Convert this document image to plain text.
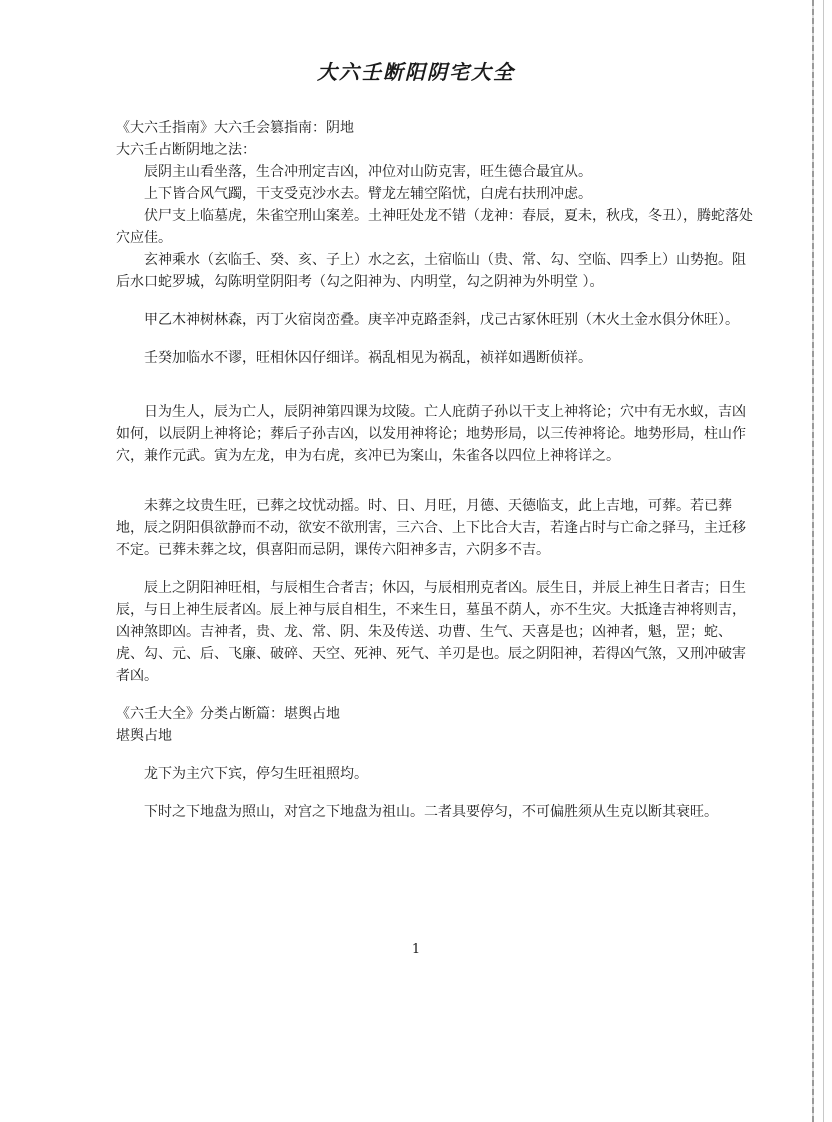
大六壬断阳阴宅大全

《大六壬指南》大六壬会篡指南：阴地

大六壬占断阴地之法：

辰阴主山看坐落，生合冲刑定吉凶，冲位对山防克害，旺生德合最宜从。

上下皆合风气躅，干支受克沙水去。臂龙左辅空陷忧，白虎右扶刑冲虑。

伏尸支上临墓虎，朱雀空刑山案差。土神旺处龙不错（龙神：春辰，夏未，秋戌，冬丑），腾蛇落处穴应佳。

玄神乘水（玄临壬、癸、亥、子上）水之玄，土宿临山（贵、常、勾、空临、四季上）山势抱。阻后水口蛇罗城，勾陈明堂阴阳考（勾之阳神为、内明堂，勾之阴神为外明堂 ）。

甲乙木神树林森，丙丁火宿岗峦叠。庚辛冲克路歪斜，戊己古冢休旺别（木火土金水俱分休旺）。

壬癸加临水不谬，旺相休囚仔细详。祸乱相见为祸乱，祯祥如遇断侦祥。

日为生人，辰为亡人，辰阴神第四课为坟陵。亡人庇荫子孙以干支上神将论；穴中有无水蚁，吉凶如何，以辰阴上神将论；葬后子孙吉凶，以发用神将论；地势形局，以三传神将论。地势形局，柱山作穴，兼作元武。寅为左龙，申为右虎，亥冲已为案山，朱雀各以四位上神将详之。

未葬之坟贵生旺，已葬之坟忧动摇。时、日、月旺，月德、天德临支，此上吉地，可葬。若已葬地，辰之阴阳俱欲静而不动，欲安不欲刑害，三六合、上下比合大吉，若逢占时与亡命之驿马，主迁移不定。已葬未葬之坟，俱喜阳而忌阴，课传六阳神多吉，六阴多不吉。

辰上之阴阳神旺相，与辰相生合者吉；休囚，与辰相刑克者凶。辰生日，并辰上神生日者吉；日生辰，与日上神生辰者凶。辰上神与辰自相生，不来生日，墓虽不荫人，亦不生灾。大抵逢吉神将则吉，凶神煞即凶。吉神者，贵、龙、常、阴、朱及传送、功曹、生气、天喜是也；凶神者，魁，罡；蛇、虎、勾、元、后、飞廉、破碎、天空、死神、死气、羊刃是也。辰之阴阳神，若得凶气煞，又刑冲破害者凶。

《六壬大全》分类占断篇：堪舆占地

堪舆占地

龙下为主穴下宾，停匀生旺祖照均。

下时之下地盘为照山，对宫之下地盘为祖山。二者具要停匀，不可偏胜须从生克以断其衰旺。

1
